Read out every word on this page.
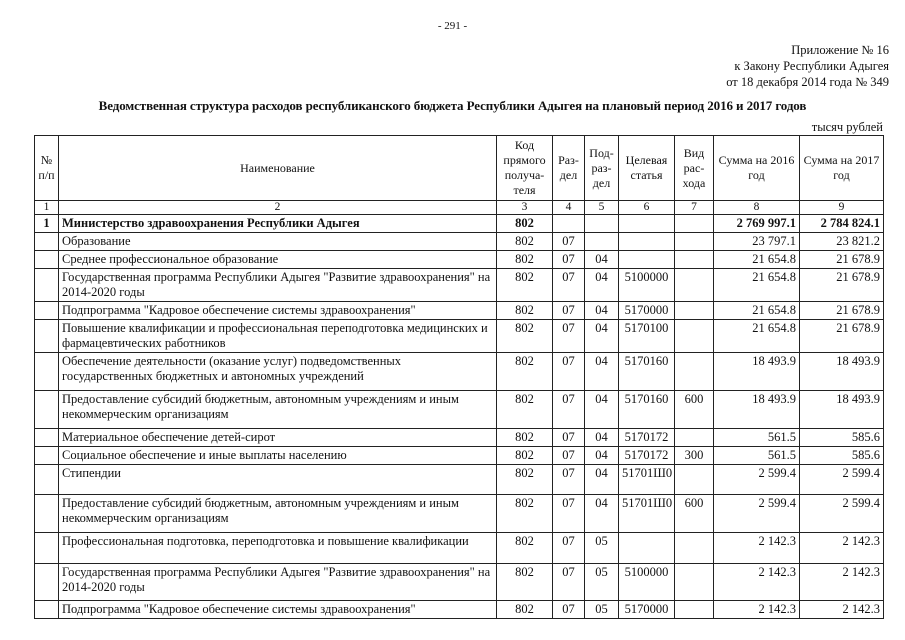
- 291 -
Приложение № 16
к Закону Республики Адыгея
от 18 декабря 2014 года № 349
Ведомственная структура расходов республиканского бюджета Республики Адыгея на плановый период 2016 и 2017 годов
тысяч рублей
№ п/п	Наименование	Код прямого получа-теля	Раз-дел	Под-раз-дел	Целевая статья	Вид рас-хода	Сумма на 2016 год	Сумма на 2017 год
1	2	3	4	5	6	7	8	9
1	Министерство здравоохранения Республики Адыгея	802					2 769 997.1	2 784 824.1
	Образование	802	07				23 797.1	23 821.2
	Среднее профессиональное образование	802	07	04			21 654.8	21 678.9
	Государственная программа Республики Адыгея "Развитие здравоохранения" на 2014-2020 годы	802	07	04	5100000		21 654.8	21 678.9
	Подпрограмма "Кадровое обеспечение системы здравоохранения"	802	07	04	5170000		21 654.8	21 678.9
	Повышение квалификации и профессиональная переподготовка медицинских и фармацевтических работников	802	07	04	5170100		21 654.8	21 678.9
	Обеспечение деятельности (оказание услуг) подведомственных государственных бюджетных и автономных учреждений	802	07	04	5170160		18 493.9	18 493.9
	Предоставление субсидий бюджетным, автономным учреждениям и иным некоммерческим организациям	802	07	04	5170160	600	18 493.9	18 493.9
	Материальное обеспечение детей-сирот	802	07	04	5170172		561.5	585.6
	Социальное обеспечение и иные выплаты населению	802	07	04	5170172	300	561.5	585.6
	Стипендии	802	07	04	51701Ш0		2 599.4	2 599.4
	Предоставление субсидий бюджетным, автономным учреждениям и иным некоммерческим организациям	802	07	04	51701Ш0	600	2 599.4	2 599.4
	Профессиональная подготовка, переподготовка и повышение квалификации	802	07	05			2 142.3	2 142.3
	Государственная программа Республики Адыгея "Развитие здравоохранения" на 2014-2020 годы	802	07	05	5100000		2 142.3	2 142.3
	Подпрограмма "Кадровое обеспечение системы здравоохранения"	802	07	05	5170000		2 142.3	2 142.3
